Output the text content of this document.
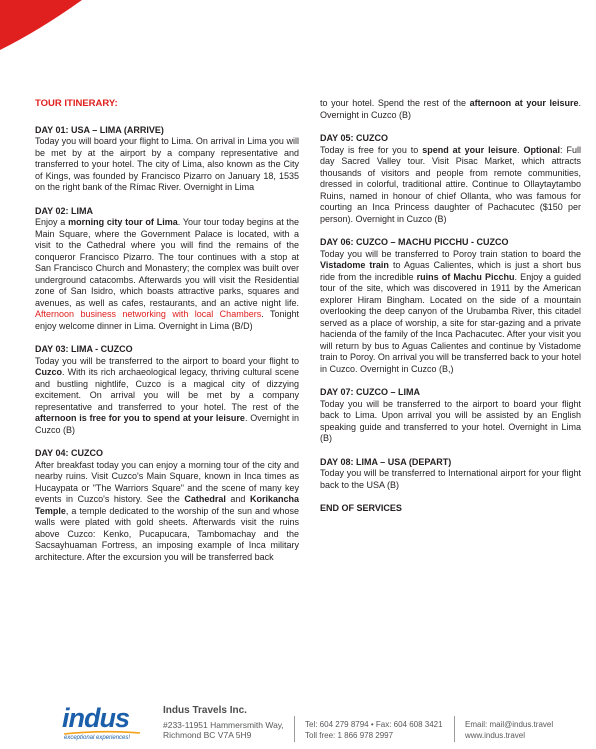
TOUR ITINERARY:
DAY 01: USA – LIMA (ARRIVE)
Today you will board your flight to Lima. On arrival in Lima you will be met by at the airport by a company representative and transferred to your hotel. The city of Lima, also known as the City of Kings, was founded by Francisco Pizarro on January 18, 1535 on the right bank of the Rímac River. Overnight in Lima
DAY 02: LIMA
Enjoy a morning city tour of Lima. Your tour today begins at the Main Square, where the Government Palace is located, with a visit to the Cathedral where you will find the remains of the conqueror Francisco Pizarro. The tour continues with a stop at San Francisco Church and Monastery; the complex was built over underground catacombs. Afterwards you will visit the Residential zone of San Isidro, which boasts attractive parks, squares and avenues, as well as cafes, restaurants, and an active night life. Afternoon business networking with local Chambers. Tonight enjoy welcome dinner in Lima. Overnight in Lima (B/D)
DAY 03: LIMA - CUZCO
Today you will be transferred to the airport to board your flight to Cuzco. With its rich archaeological legacy, thriving cultural scene and bustling nightlife, Cuzco is a magical city of dizzying excitement. On arrival you will be met by a company representative and transferred to your hotel. The rest of the afternoon is free for you to spend at your leisure. Overnight in Cuzco (B)
DAY 04: CUZCO
After breakfast today you can enjoy a morning tour of the city and nearby ruins. Visit Cuzco's Main Square, known in Inca times as Hucaypata or "The Warriors Square" and the scene of many key events in Cuzco's history. See the Cathedral and Korikancha Temple, a temple dedicated to the worship of the sun and whose walls were plated with gold sheets. Afterwards visit the ruins above Cuzco: Kenko, Pucapucara, Tambomachay and the Sacsayhuaman Fortress, an imposing example of Inca military architecture. After the excursion you will be transferred back
to your hotel. Spend the rest of the afternoon at your leisure. Overnight in Cuzco (B)
DAY 05: CUZCO
Today is free for you to spend at your leisure. Optional: Full day Sacred Valley tour. Visit Pisac Market, which attracts thousands of visitors and people from remote communities, dressed in colorful, traditional attire. Continue to Ollaytaytambo Ruins, named in honour of chief Ollanta, who was famous for courting an Inca Princess daughter of Pachacutec ($150 per person). Overnight in Cuzco (B)
DAY 06: CUZCO – MACHU PICCHU - CUZCO
Today you will be transferred to Poroy train station to board the Vistadome train to Aguas Calientes, which is just a short bus ride from the incredible ruins of Machu Picchu. Enjoy a guided tour of the site, which was discovered in 1911 by the American explorer Hiram Bingham. Located on the side of a mountain overlooking the deep canyon of the Urubamba River, this citadel served as a place of worship, a site for star-gazing and a private hacienda of the family of the Inca Pachacutec. After your visit you will return by bus to Aguas Calientes and continue by Vistadome train to Poroy. On arrival you will be transferred back to your hotel in Cuzco. Overnight in Cuzco (B,)
DAY 07: CUZCO – LIMA
Today you will be transferred to the airport to board your flight back to Lima. Upon arrival you will be assisted by an English speaking guide and transferred to your hotel. Overnight in Lima (B)
DAY 08: LIMA – USA (DEPART)
Today you will be transferred to International airport for your flight back to the USA (B)
END OF SERVICES
indus
exceptional experiences!
Indus Travels Inc.
#233-11951 Hammersmith Way,
Richmond BC V7A 5H9
Tel: 604 279 8794 • Fax: 604 608 3421
Toll free: 1 866 978 2997
Email: mail@indus.travel
www.indus.travel
